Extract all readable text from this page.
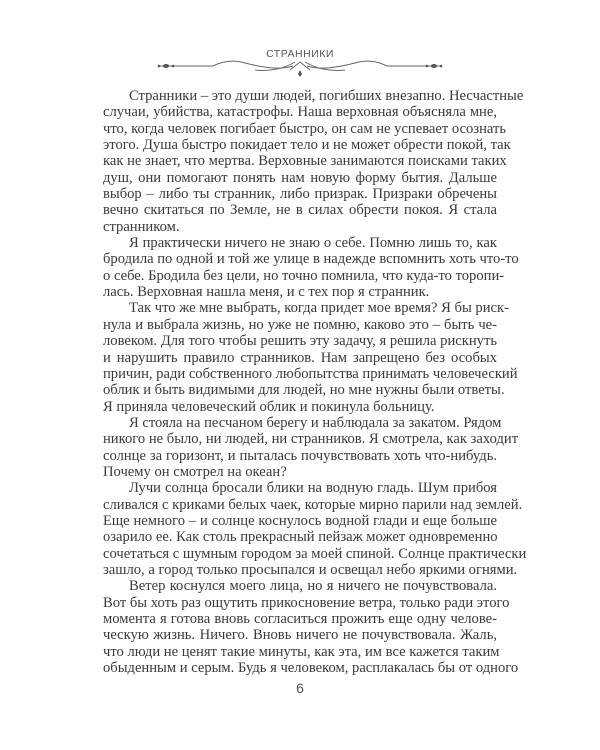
СТРАННИКИ
Странники – это души людей, погибших внезапно. Несчастные
случаи, убийства, катастрофы. Наша верховная объясняла мне,
что, когда человек погибает быстро, он сам не успевает осознать
этого. Душа быстро покидает тело и не может обрести покой, так
как не знает, что мертва. Верховные занимаются поисками таких
душ, они помогают понять нам новую форму бытия. Дальше
выбор – либо ты странник, либо призрак. Призраки обречены
вечно скитаться по Земле, не в силах обрести покоя. Я стала
странником.
Я практически ничего не знаю о себе. Помню лишь то, как
бродила по одной и той же улице в надежде вспомнить хоть что-то
о себе. Бродила без цели, но точно помнила, что куда-то торопи-
лась. Верховная нашла меня, и с тех пор я странник.
Так что же мне выбрать, когда придет мое время? Я бы риск-
нула и выбрала жизнь, но уже не помню, каково это – быть че-
ловеком. Для того чтобы решить эту задачу, я решила рискнуть
и нарушить правило странников. Нам запрещено без особых
причин, ради собственного любопытства принимать человеческий
облик и быть видимыми для людей, но мне нужны были ответы.
Я приняла человеческий облик и покинула больницу.
Я стояла на песчаном берегу и наблюдала за закатом. Рядом
никого не было, ни людей, ни странников. Я смотрела, как заходит
солнце за горизонт, и пыталась почувствовать хоть что-нибудь.
Почему он смотрел на океан?
Лучи солнца бросали блики на водную гладь. Шум прибоя
сливался с криками белых чаек, которые мирно парили над землей.
Еще немного – и солнце коснулось водной глади и еще больше
озарило ее. Как столь прекрасный пейзаж может одновременно
сочетаться с шумным городом за моей спиной. Солнце практически
зашло, а город только просыпался и освещал небо яркими огнями.
Ветер коснулся моего лица, но я ничего не почувствовала.
Вот бы хоть раз ощутить прикосновение ветра, только ради этого
момента я готова вновь согласиться прожить еще одну челове-
ческую жизнь. Ничего. Вновь ничего не почувствовала. Жаль,
что люди не ценят такие минуты, как эта, им все кажется таким
обыденным и серым. Будь я человеком, расплакалась бы от одного
6
